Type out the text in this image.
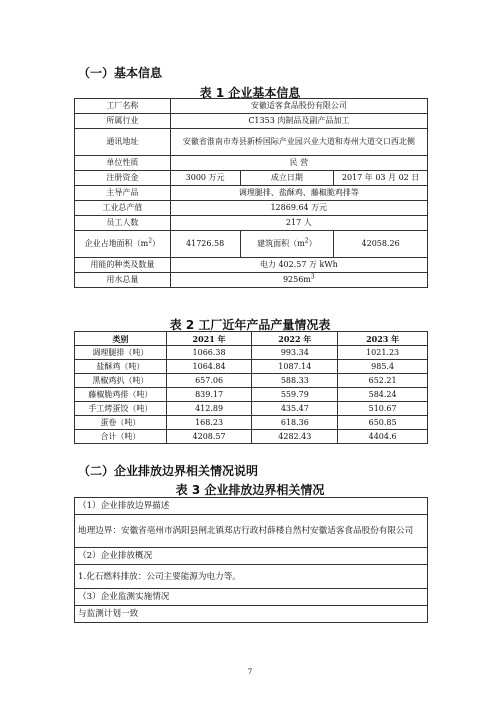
（一）基本信息
表 1 企业基本信息
工厂名称	安徽适客食品股份有限公司		
所属行业	C1353 肉制品及副产品加工		
通讯地址	安徽省淮南市寿县新桥国际产业园兴业大道和寿州大道交口西北侧		
单位性质	民 营		
注册资金	3000 万元	成立日期	2017 年 03 月 02 日
主导产品	调理腿排、盐酥鸡、藤椒脆鸡排等		
工业总产值	12869.64 万元		
员工人数	217 人		
企业占地面积$(m^2)$	41726.58	建筑面积$(m^2)$	42058.26
用能的种类及数量	电力 402.57 万 kWh		
用水总量	$9256m^3$
表 2 工厂近年产品产量情况表
类别	2021 年	2022 年	2023 年
调理腿排（吨）	1066.38	993.34	1021.23
盐酥鸡（吨）	1064.84	1087.14	985.4
黑椒鸡扒（吨）	657.06	588.33	652.21
藤椒脆鸡排（吨）	839.17	559.79	584.24
手工烤蛋饺（吨）	412.89	435.47	510.67
蛋卷（吨）	168.23	618.36	650.85
合计（吨）	4208.57	4282.43	4404.6
（二）企业排放边界相关情况说明
表 3 企业排放边界相关情况
（1）企业排放边界描述
地理边界：安徽省亳州市涡阳县闸北镇郑店行政村薛楼自然村安徽适客食品股份有限公司
（2）企业排放概况
1.化石燃料排放：公司主要能源为电力等。
（3）企业监测实施情况
与监测计划一致
7
